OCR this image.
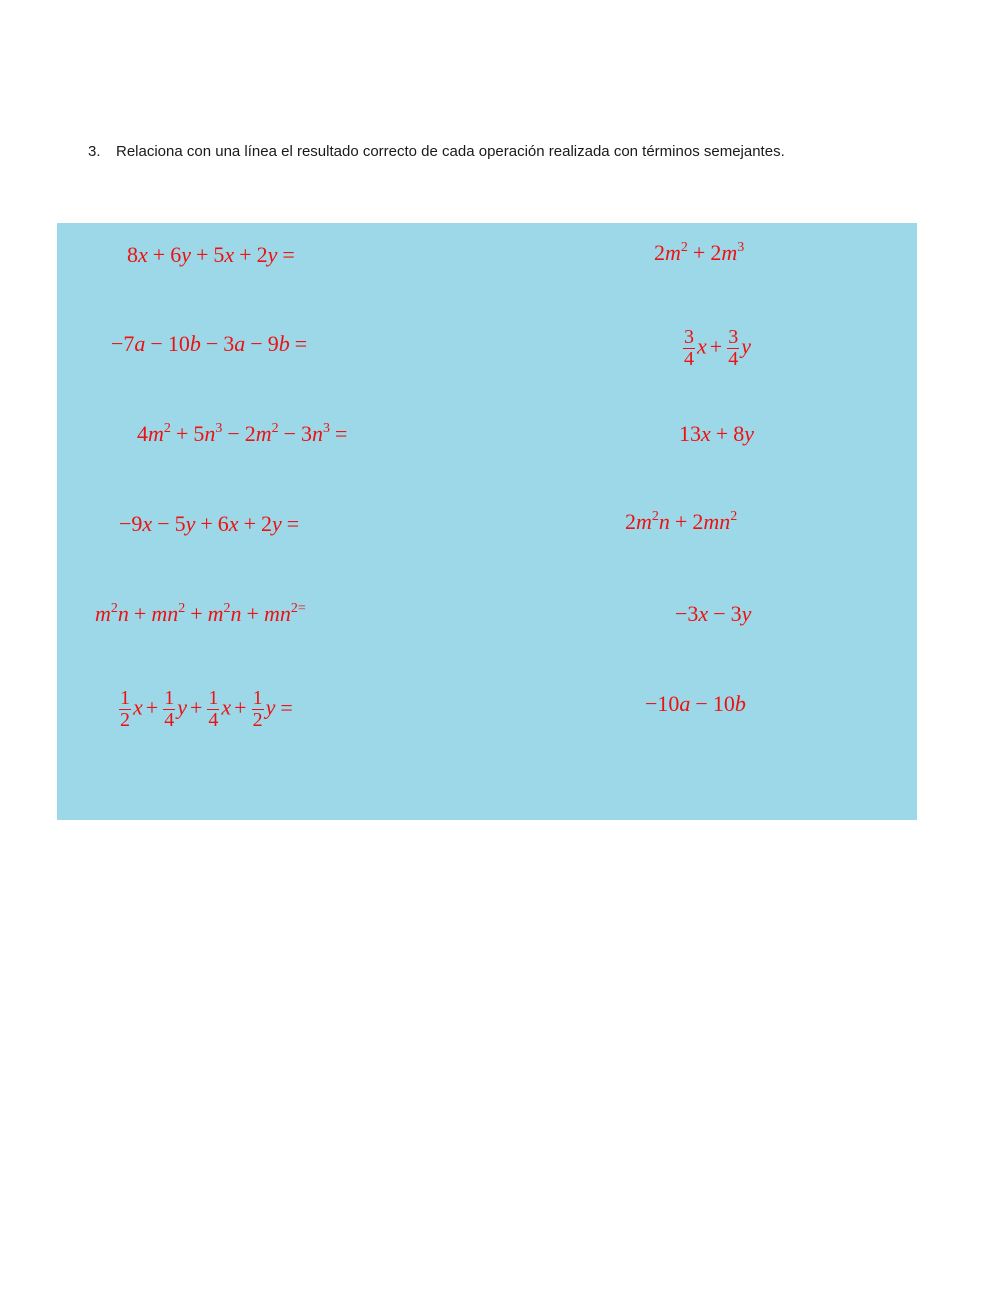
3. Relaciona con una línea el resultado correcto de cada operación realizada con términos semejantes.
8x + 6y + 5x + 2y =
−7a − 10b − 3a − 9b =
$4m^2 + 5n^3 - 2m^2 - 3n^3$ =
−9x − 5y + 6x + 2y =
$m^2n + mn^2 + m^2n + mn^{2=}$
$\frac{1}{2}$ $x + \frac{1}{4}$ $y + \frac{1}{4}$ $x + \frac{1}{2}$ y =
$2m^2 + 2m^3$
$\frac{3}{4}$ $x + \frac{3}{4}$ y
13x + 8y
$2m^2n + 2mn^2$
−3x − 3y
−10a − 10b
